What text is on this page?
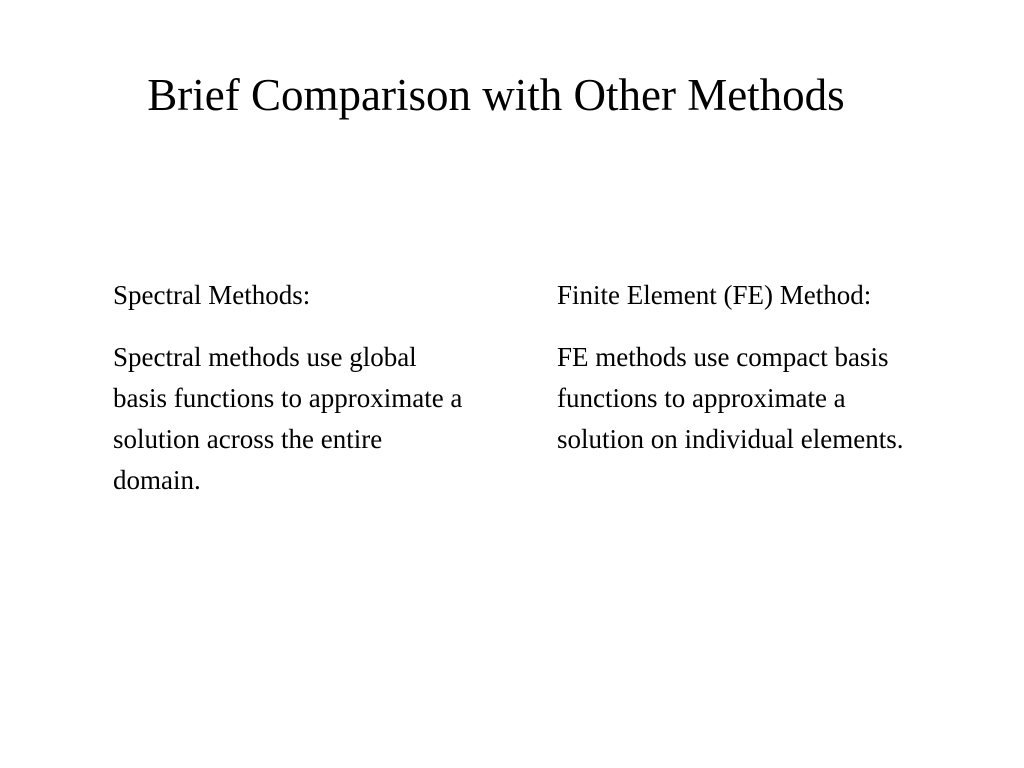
Brief Comparison with Other Methods

Spectral Methods:

Spectral methods use global basis functions to approximate a solution across the entire domain.

Finite Element (FE) Method:

FE methods use compact basis functions to approximate a solution on individual elements.
